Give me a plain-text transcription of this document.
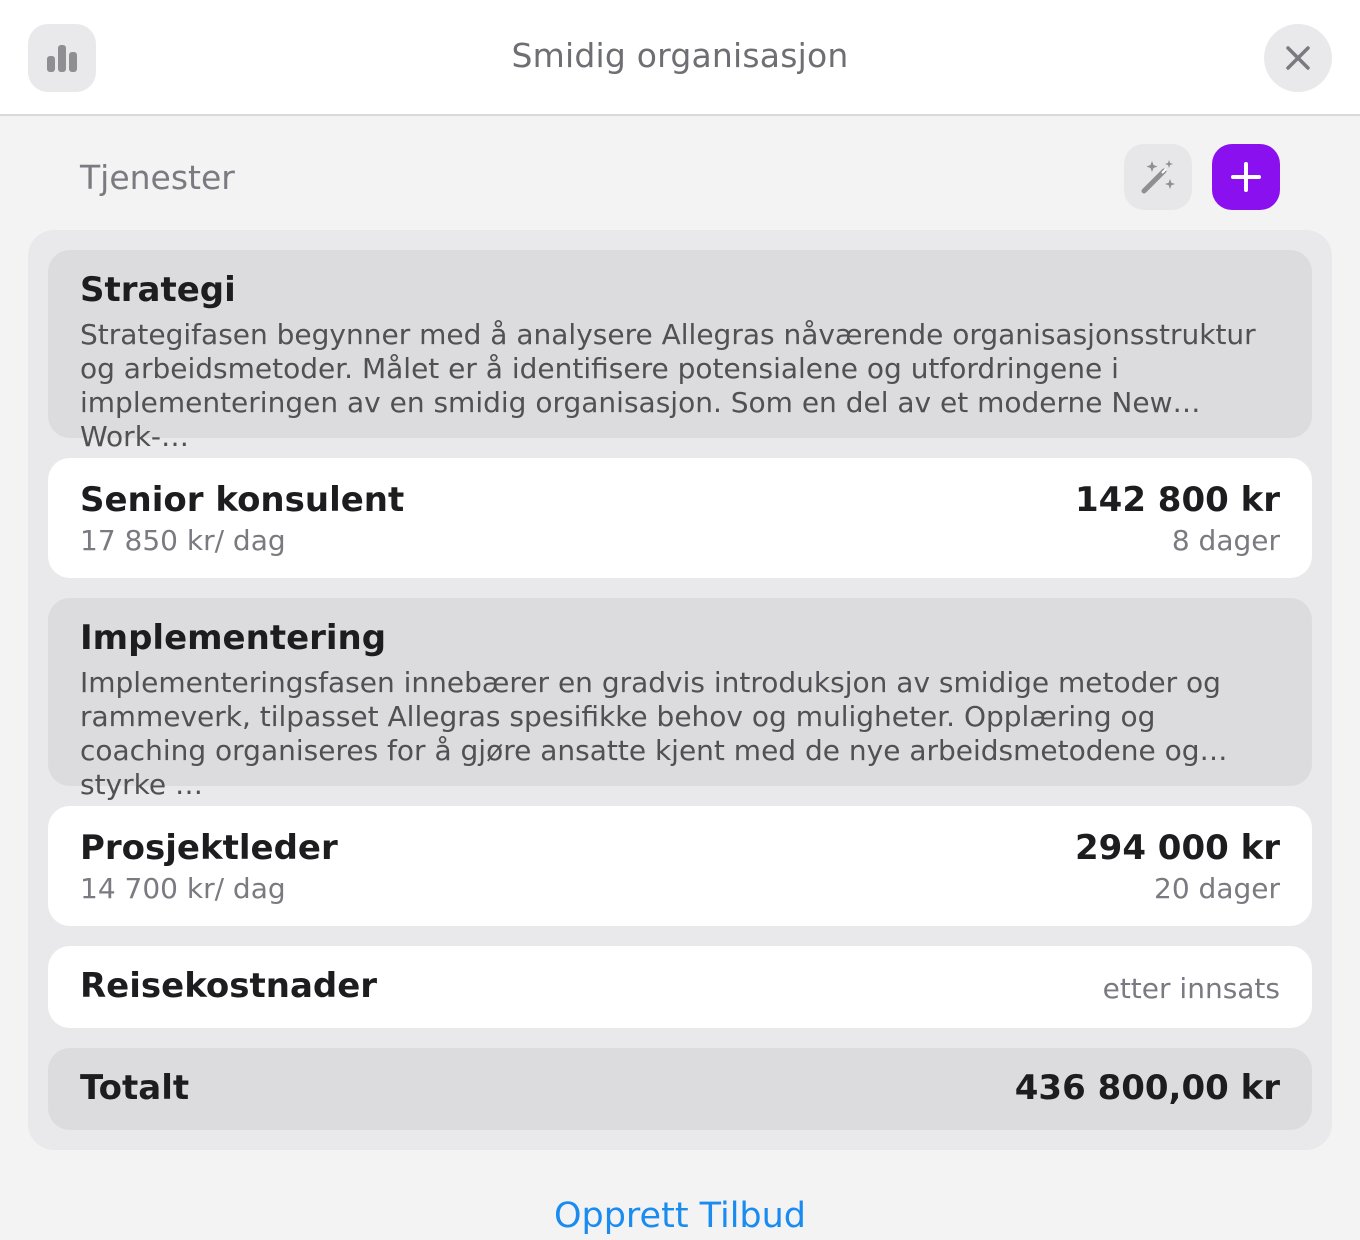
Smidig organisasjon
Tjenester
Strategi
Strategifasen begynner med å analysere Allegras nåværende organisasjonsstruktur og arbeidsmetoder. Målet er å identifisere potensialene og utfordringene i implementeringen av en smidig organisasjon. Som en del av et moderne New Work-…
Senior konsulent
17 850 kr/ dag
142 800 kr
8 dager
Implementering
Implementeringsfasen innebærer en gradvis introduksjon av smidige metoder og rammeverk, tilpasset Allegras spesifikke behov og muligheter. Opplæring og coaching organiseres for å gjøre ansatte kjent med de nye arbeidsmetodene og styrke …
Prosjektleder
14 700 kr/ dag
294 000 kr
20 dager
Reisekostnader	etter innsats
Totalt	436 800,00 kr
Opprett Tilbud
